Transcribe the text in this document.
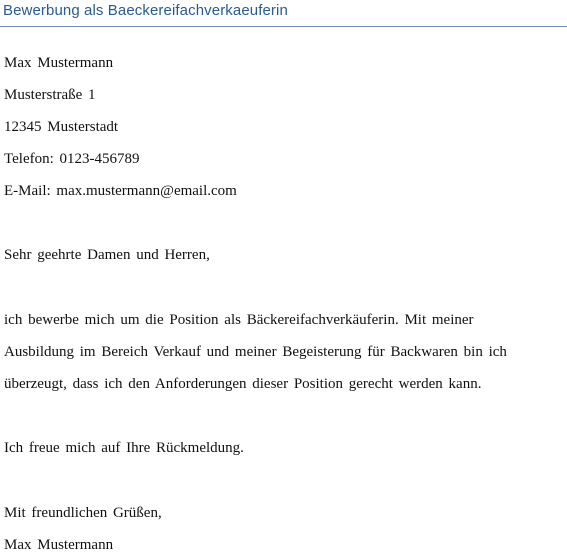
Bewerbung als Baeckereifachverkaeuferin

Max Mustermann

Musterstraße 1

12345 Musterstadt

Telefon: 0123-456789

E-Mail: max.mustermann@email.com

Sehr geehrte Damen und Herren,

ich bewerbe mich um die Position als Bäckereifachverkäuferin. Mit meiner

Ausbildung im Bereich Verkauf und meiner Begeisterung für Backwaren bin ich

überzeugt, dass ich den Anforderungen dieser Position gerecht werden kann.

Ich freue mich auf Ihre Rückmeldung.

Mit freundlichen Grüßen,

Max Mustermann
